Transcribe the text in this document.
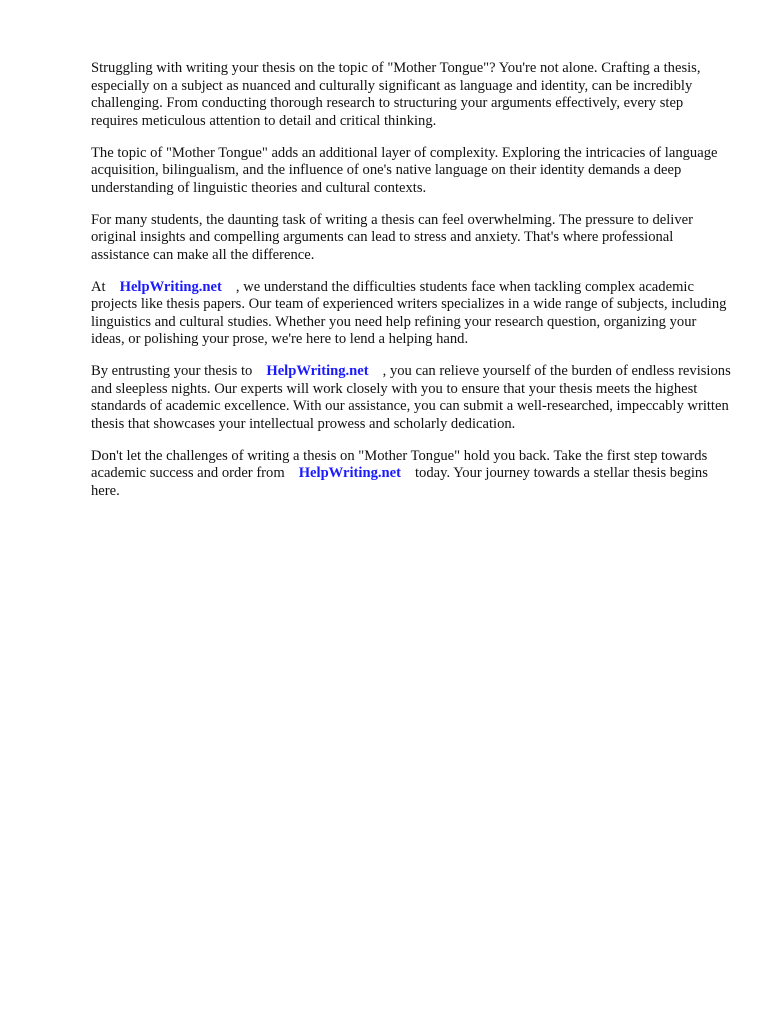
Struggling with writing your thesis on the topic of "Mother Tongue"? You're not alone. Crafting a thesis, especially on a subject as nuanced and culturally significant as language and identity, can be incredibly challenging. From conducting thorough research to structuring your arguments effectively, every step requires meticulous attention to detail and critical thinking.

The topic of "Mother Tongue" adds an additional layer of complexity. Exploring the intricacies of language acquisition, bilingualism, and the influence of one's native language on their identity demands a deep understanding of linguistic theories and cultural contexts.

For many students, the daunting task of writing a thesis can feel overwhelming. The pressure to deliver original insights and compelling arguments can lead to stress and anxiety. That's where professional assistance can make all the difference.

At HelpWriting.net , we understand the difficulties students face when tackling complex academic projects like thesis papers. Our team of experienced writers specializes in a wide range of subjects, including linguistics and cultural studies. Whether you need help refining your research question, organizing your ideas, or polishing your prose, we're here to lend a helping hand.

By entrusting your thesis to HelpWriting.net , you can relieve yourself of the burden of endless revisions and sleepless nights. Our experts will work closely with you to ensure that your thesis meets the highest standards of academic excellence. With our assistance, you can submit a well-researched, impeccably written thesis that showcases your intellectual prowess and scholarly dedication.

Don't let the challenges of writing a thesis on "Mother Tongue" hold you back. Take the first step towards academic success and order from HelpWriting.net today. Your journey towards a stellar thesis begins here.
